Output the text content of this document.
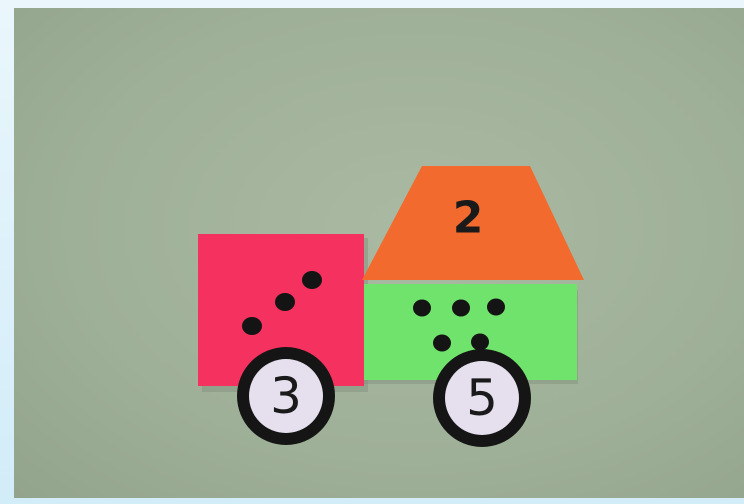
2
3	5
